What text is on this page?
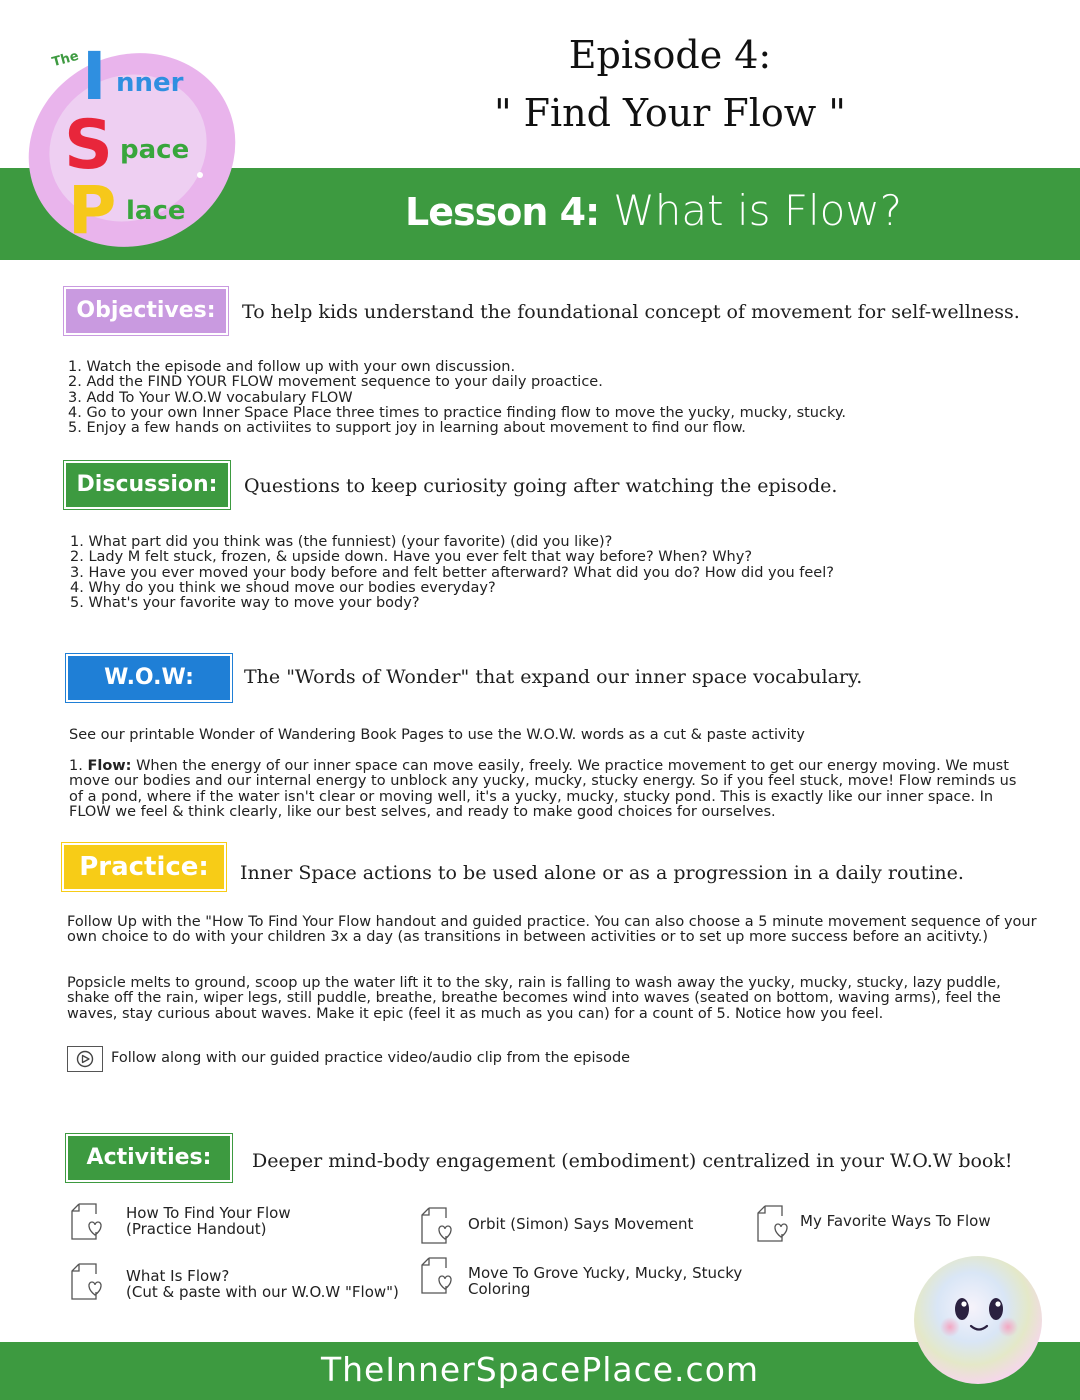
The I nner
S pace
P lace
Episode 4:
" Find Your Flow "
Lesson 4: What is Flow?
Objectives:	To help kids understand the foundational concept of movement for self-wellness.
1. Watch the episode and follow up with your own discussion.
2. Add the FIND YOUR FLOW movement sequence to your daily proactice.
3. Add To Your W.O.W vocabulary FLOW
4. Go to your own Inner Space Place three times to practice finding flow to move the yucky, mucky, stucky.
5. Enjoy a few hands on activiites to support joy in learning about movement to find our flow.
Discussion:	Questions to keep curiosity going after watching the episode.
1. What part did you think was (the funniest) (your favorite) (did you like)?
2. Lady M felt stuck, frozen, & upside down. Have you ever felt that way before? When? Why?
3. Have you ever moved your body before and felt better afterward? What did you do? How did you feel?
4. Why do you think we shoud move our bodies everyday?
5. What's your favorite way to move your body?
W.O.W:	The "Words of Wonder" that expand our inner space vocabulary.
See our printable Wonder of Wandering Book Pages to use the W.O.W. words as a cut & paste activity
1. Flow: When the energy of our inner space can move easily, freely. We practice movement to get our energy moving. We must move our bodies and our internal energy to unblock any yucky, mucky, stucky energy. So if you feel stuck, move! Flow reminds us of a pond, where if the water isn't clear or moving well, it's a yucky, mucky, stucky pond. This is exactly like our inner space. In FLOW we feel & think clearly, like our best selves, and ready to make good choices for ourselves.
Practice:	Inner Space actions to be used alone or as a progression in a daily routine.
Follow Up with the "How To Find Your Flow handout and guided practice. You can also choose a 5 minute movement sequence of your own choice to do with your children 3x a day (as transitions in between activities or to set up more success before an acitivty.)
Popsicle melts to ground, scoop up the water lift it to the sky, rain is falling to wash away the yucky, mucky, stucky, lazy puddle, shake off the rain, wiper legs, still puddle, breathe, breathe becomes wind into waves (seated on bottom, waving arms), feel the waves, stay curious about waves. Make it epic (feel it as much as you can) for a count of 5. Notice how you feel.
Follow along with our guided practice video/audio clip from the episode
Activities:	Deeper mind-body engagement (embodiment) centralized in your W.O.W book!
How To Find Your Flow
(Practice Handout)	Orbit (Simon) Says Movement	My Favorite Ways To Flow
What Is Flow?
(Cut & paste with our W.O.W "Flow")
Move To Grove Yucky, Mucky, Stucky
Coloring
TheInnerSpacePlace.com
